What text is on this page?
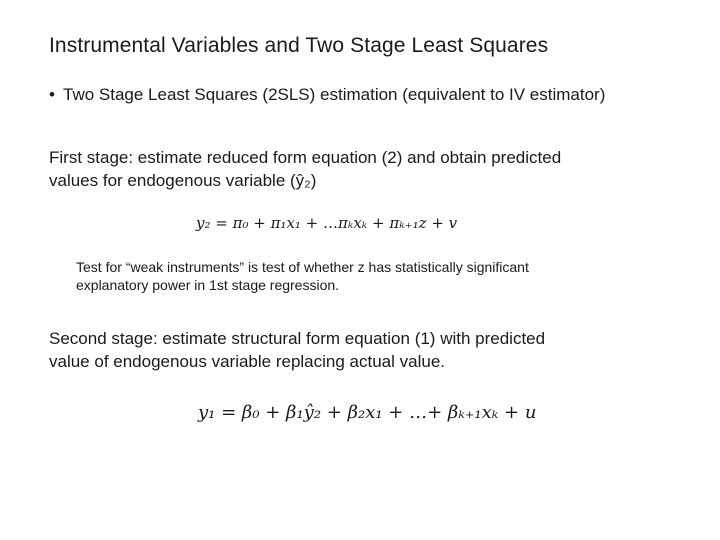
Instrumental Variables and Two Stage Least Squares
• Two Stage Least Squares (2SLS) estimation (equivalent to IV estimator)
First stage: estimate reduced form equation (2) and obtain predicted
values for endogenous variable (ŷ₂)
y₂ = π₀ + π₁x₁ + …πₖxₖ + πₖ₊₁z + v
Test for “weak instruments” is test of whether z has statistically significant
explanatory power in 1st stage regression.
Second stage: estimate structural form equation (1) with predicted
value of endogenous variable replacing actual value.
y₁ = β₀ + β₁ŷ₂ + β₂x₁ + …+ βₖ₊₁xₖ + u
